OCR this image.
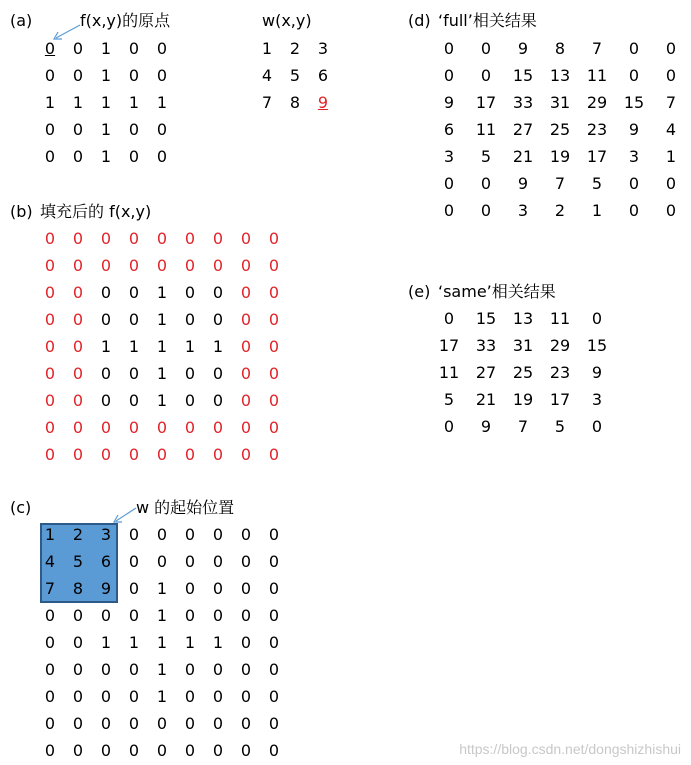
(a)	f(x,y)的原点
0	0	1	0	0
0	0	1	0	0
1	1	1	1	1
0	0	1	0	0
0	0	1	0	0
w(x,y)
1	2	3
4	5	6
7	8	9
(b) 填充后的 f(x,y)
0	0	0	0	0	0	0	0	0
0	0	0	0	0	0	0	0	0
0	0	0	0	1	0	0	0	0
0	0	0	0	1	0	0	0	0
0	0	1	1	1	1	1	0	0
0	0	0	0	1	0	0	0	0
0	0	0	0	1	0	0	0	0
0	0	0	0	0	0	0	0	0
0	0	0	0	0	0	0	0	0
(c)	w 的起始位置
1	2	3	0	0	0	0	0	0
4	5	6	0	0	0	0	0	0
7	8	9	0	1	0	0	0	0
0	0	0	0	1	0	0	0	0
0	0	1	1	1	1	1	0	0
0	0	0	0	1	0	0	0	0
0	0	0	0	1	0	0	0	0
0	0	0	0	0	0	0	0	0
0	0	0	0	0	0	0	0	0
(d) ‘full’相关结果
0	0	9	8	7	0	0
0	0	15 13 11	0	0
9	17 33 31 29 15	7
6	11 27 25 23	9	4
3	5	21 19 17	3	1
0	0	9	7	5	0	0
0	0	3	2	1	0	0
(e) ‘same’相关结果
0	15 13 11	0
17 33 31 29 15
11 27 25 23	9
5	21 19 17	3
0	9	7	5	0
https://blog.csdn.net/dongshizhishui
